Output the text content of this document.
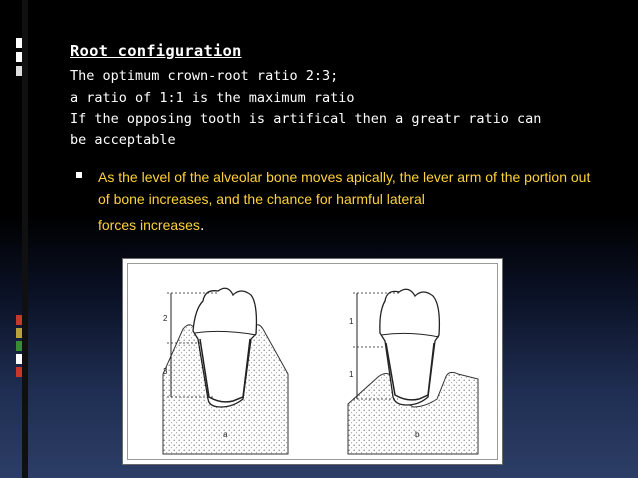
Root configuration
The optimum crown-root ratio 2:3;
a ratio of 1:1 is the maximum ratio
If the opposing tooth is artifical then a greatr ratio can
be acceptable
As the level of the alveolar bone moves apically, the lever arm of the portion out of bone increases, and the chance for harmful lateral
forces increases.
2
3
a
1
1
b
